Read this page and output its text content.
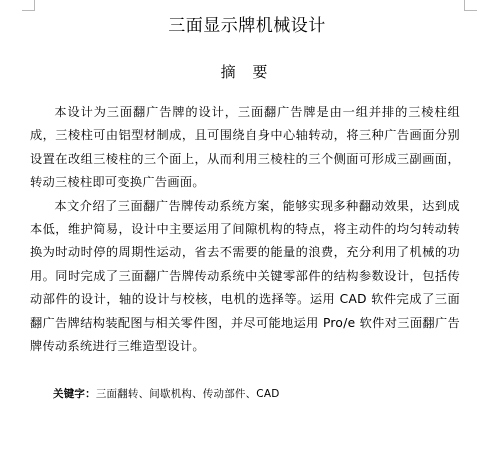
三面显示牌机械设计
摘 要

本设计为三面翻广告牌的设计，三面翻广告牌是由一组并排的三棱柱组成，三棱柱可由铝型材制成，且可围绕自身中心轴转动，将三种广告画面分别设置在改组三棱柱的三个面上，从而利用三棱柱的三个侧面可形成三副画面，转动三棱柱即可变换广告画面。

本文介绍了三面翻广告牌传动系统方案，能够实现多种翻动效果，达到成本低，维护简易，设计中主要运用了间隙机构的特点，将主动件的均匀转动转换为时动时停的周期性运动，省去不需要的能量的浪费，充分利用了机械的功用。同时完成了三面翻广告牌传动系统中关键零部件的结构参数设计，包括传动部件的设计，轴的设计与校核，电机的选择等。运用 CAD 软件完成了三面翻广告牌结构装配图与相关零件图，并尽可能地运用 Pro/e 软件对三面翻广告牌传动系统进行三维造型设计。

关键字：三面翻转、间歇机构、传动部件、CAD
